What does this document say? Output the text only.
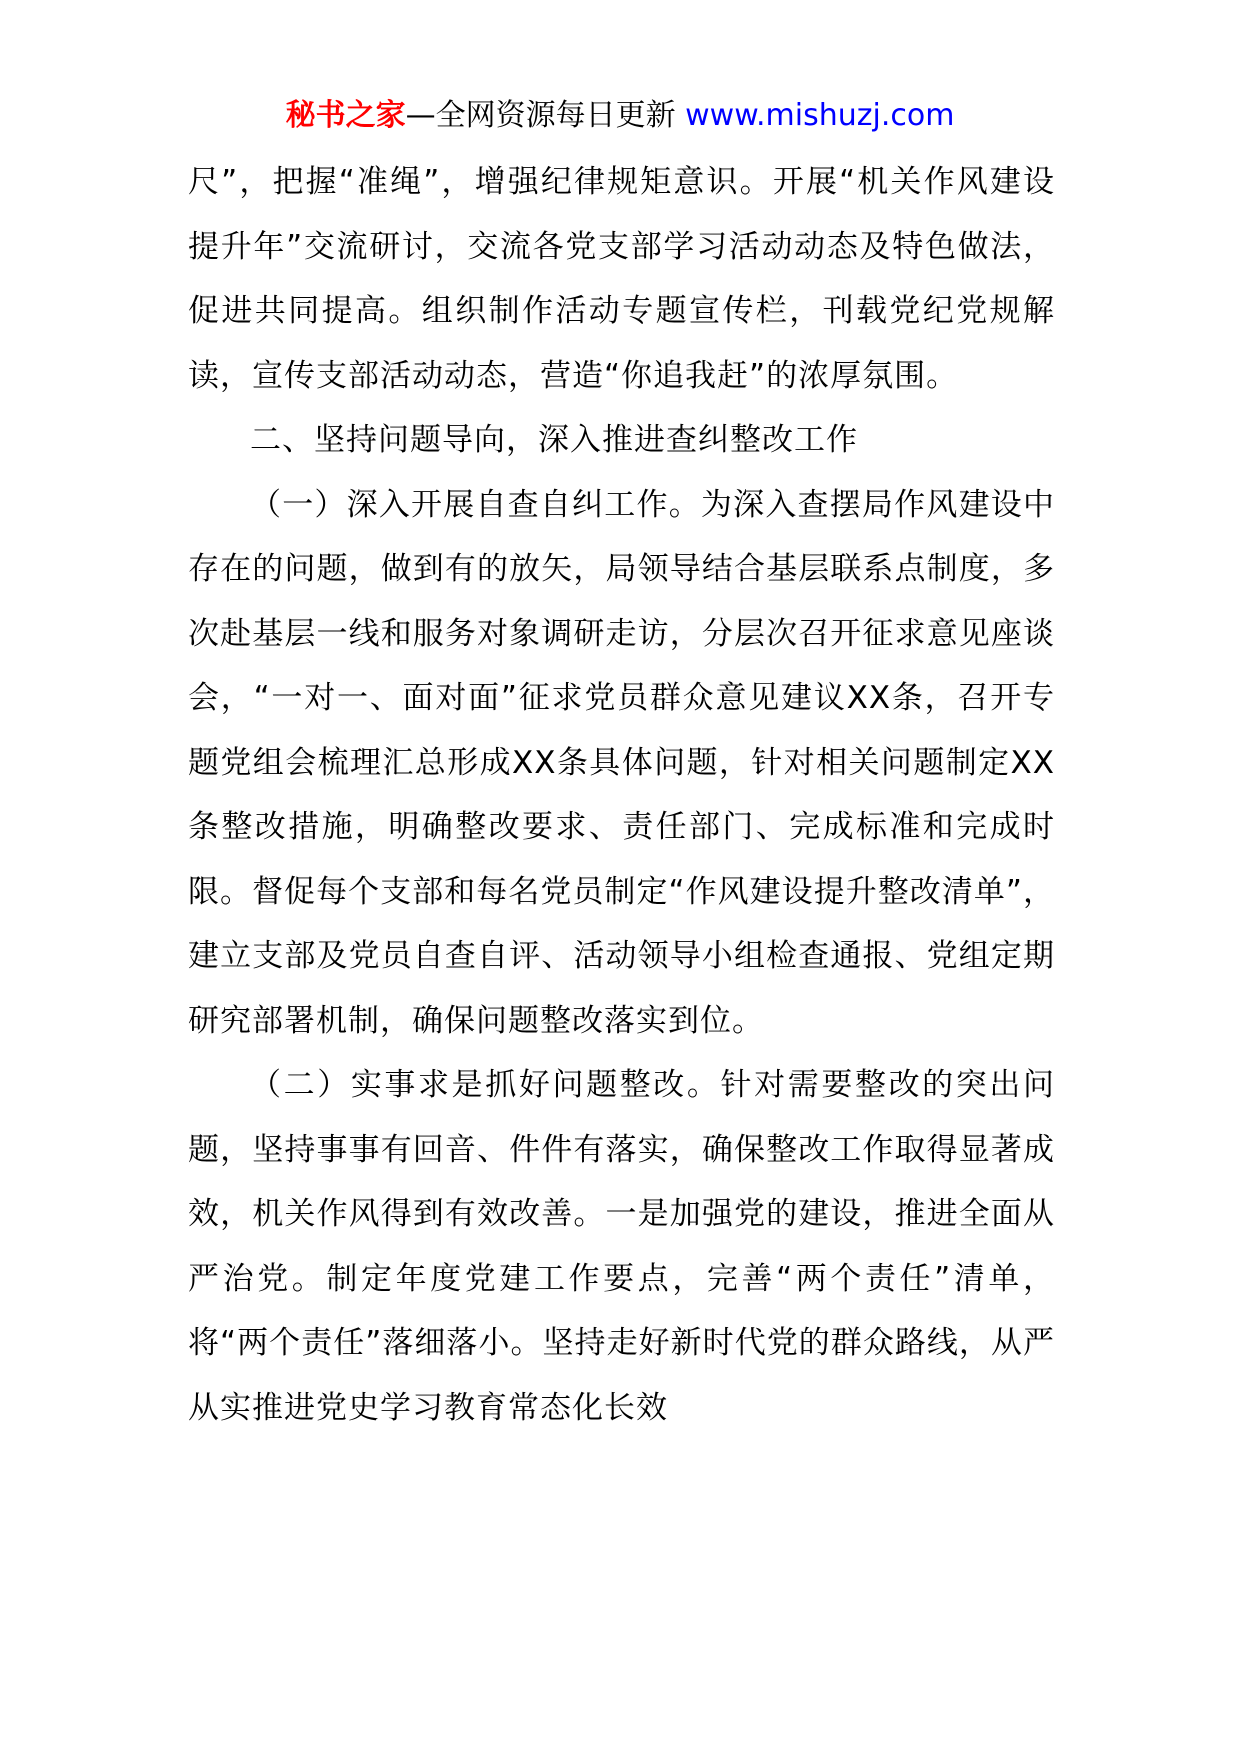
秘书之家—全网资源每日更新 www.mishuzj.com

尺”，把握“准绳”，增强纪律规矩意识。开展“机关作风建设提升年”交流研讨，交流各党支部学习活动动态及特色做法，促进共同提高。组织制作活动专题宣传栏，刊载党纪党规解读，宣传支部活动动态，营造“你追我赶”的浓厚氛围。

二、坚持问题导向，深入推进查纠整改工作

（一）深入开展自查自纠工作。为深入查摆局作风建设中存在的问题，做到有的放矢，局领导结合基层联系点制度，多次赴基层一线和服务对象调研走访，分层次召开征求意见座谈会，“一对一、面对面”征求党员群众意见建议XX条，召开专题党组会梳理汇总形成XX条具体问题，针对相关问题制定XX条整改措施，明确整改要求、责任部门、完成标准和完成时限。督促每个支部和每名党员制定“作风建设提升整改清单”，建立支部及党员自查自评、活动领导小组检查通报、党组定期研究部署机制，确保问题整改落实到位。

（二）实事求是抓好问题整改。针对需要整改的突出问题，坚持事事有回音、件件有落实，确保整改工作取得显著成效，机关作风得到有效改善。一是加强党的建设，推进全面从严治党。制定年度党建工作要点，完善“两个责任”清单，将“两个责任”落细落小。坚持走好新时代党的群众路线，从严从实推进党史学习教育常态化长效
